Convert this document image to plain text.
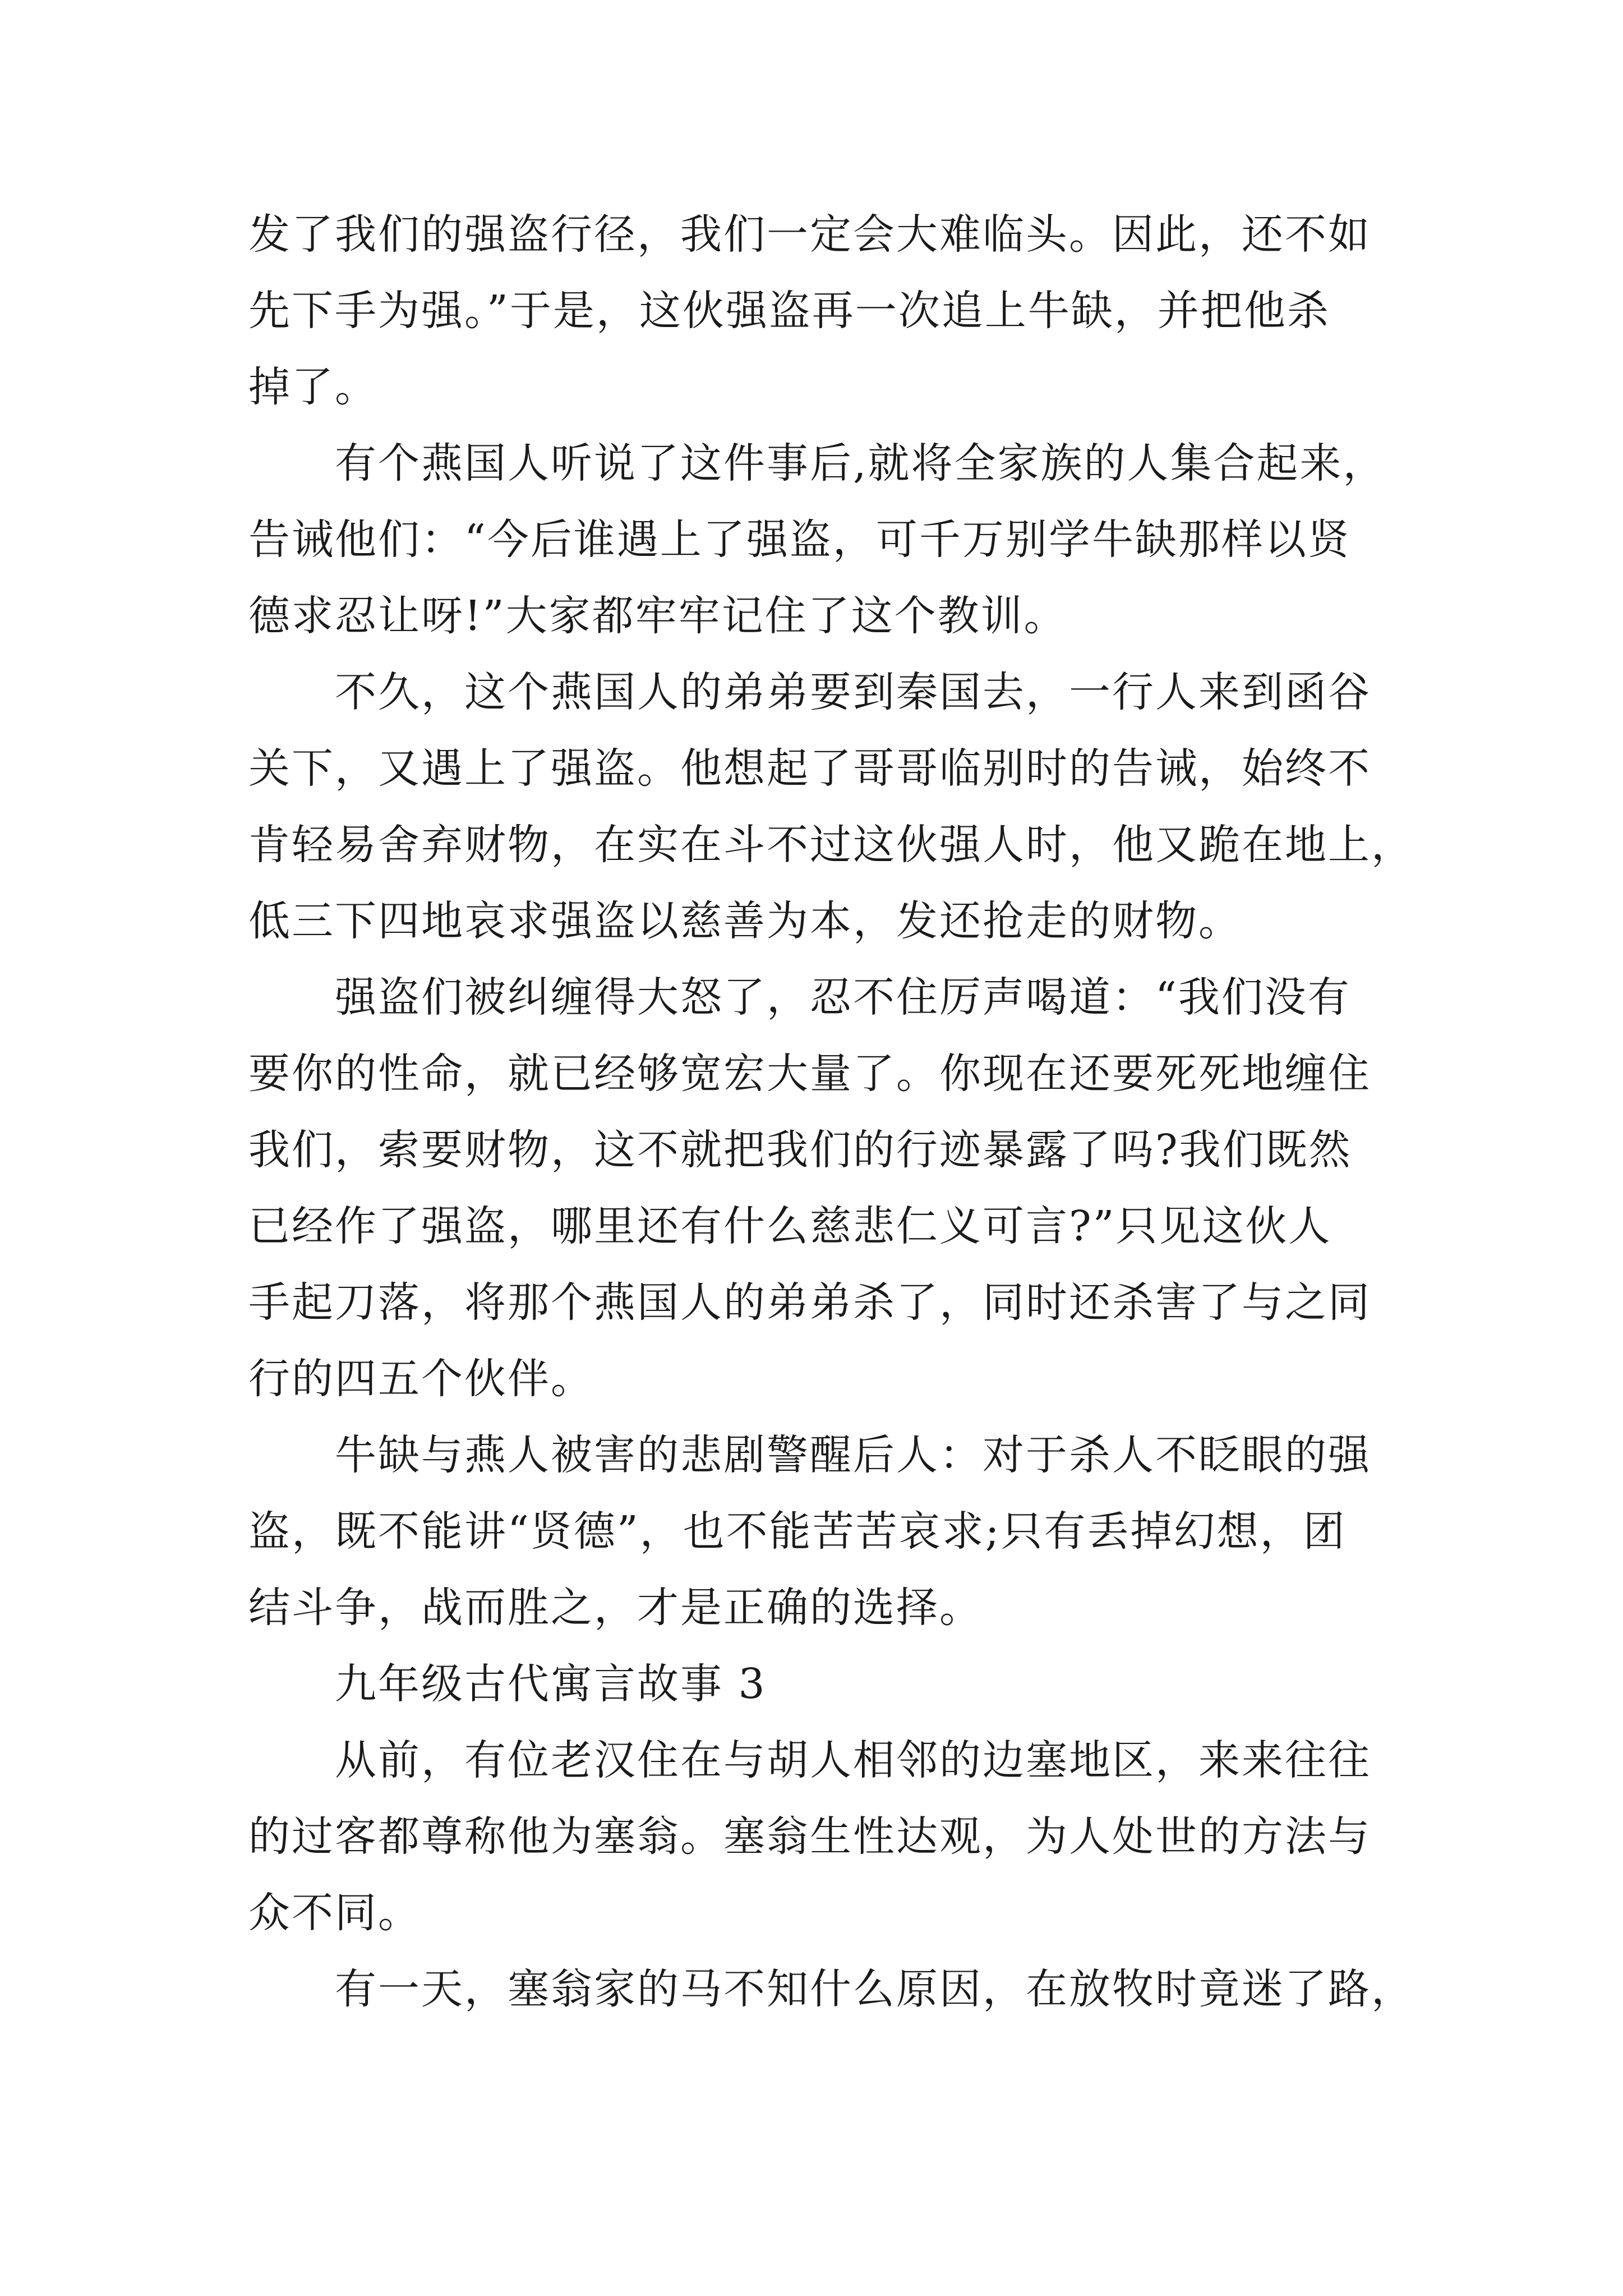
发了我们的强盗行径，我们一定会大难临头。因此，还不如
先下手为强。”于是，这伙强盗再一次追上牛缺，并把他杀
掉了。
有个燕国人听说了这件事后,就将全家族的人集合起来，
告诫他们：“今后谁遇上了强盗，可千万别学牛缺那样以贤
德求忍让呀!”大家都牢牢记住了这个教训。
不久，这个燕国人的弟弟要到秦国去，一行人来到函谷
关下，又遇上了强盗。他想起了哥哥临别时的告诫，始终不
肯轻易舍弃财物，在实在斗不过这伙强人时，他又跪在地上，
低三下四地哀求强盗以慈善为本，发还抢走的财物。
强盗们被纠缠得大怒了，忍不住厉声喝道：“我们没有
要你的性命，就已经够宽宏大量了。你现在还要死死地缠住
我们，索要财物，这不就把我们的行迹暴露了吗?我们既然
已经作了强盗，哪里还有什么慈悲仁义可言?”只见这伙人
手起刀落，将那个燕国人的弟弟杀了，同时还杀害了与之同
行的四五个伙伴。
牛缺与燕人被害的悲剧警醒后人：对于杀人不眨眼的强
盗，既不能讲“贤德”，也不能苦苦哀求;只有丢掉幻想，团
结斗争，战而胜之，才是正确的选择。
九年级古代寓言故事 3
从前，有位老汉住在与胡人相邻的边塞地区，来来往往
的过客都尊称他为塞翁。塞翁生性达观，为人处世的方法与
众不同。
有一天，塞翁家的马不知什么原因，在放牧时竟迷了路，
